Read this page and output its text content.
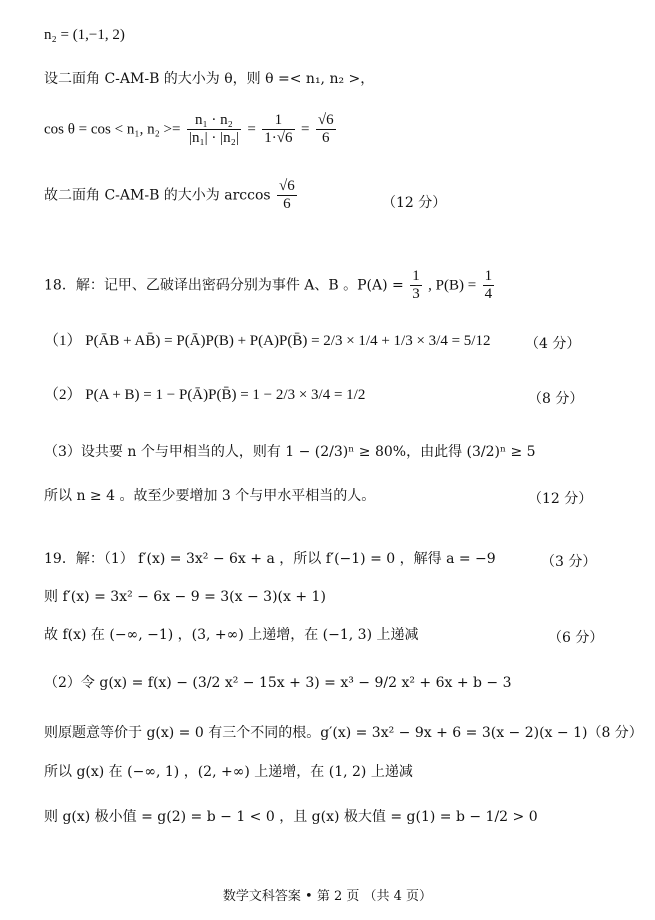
n₂ = (1,−1, 2)
设二面角 C-AM-B 的大小为 θ，则 θ =< n₁, n₂ >，
cos θ = cos < n₁, $n_2 >= \frac{\text{n₁ · n₂}}{\text{|n₁| · |n₂|}} = \frac{1}{1\cdot√6} = \frac{√6}{6}$
故二面角 C-AM-B 的大小为 $\arccos \frac{√6}{6}$	（12 分）
18．解：记甲、乙破译出密码分别为事件 A、B 。$P(A) = \frac{1}{3}$ , $P(B) = \frac{1}{4}$
（1） P(ĀB + AB̄) = P(Ā)P(B) + P(A)P(B̄) = 2/3 × 1/4 + 1/3 × 3/4 = 5/12 （4 分）
（2） P(A + B) = 1 − P(Ā)P(B̄) = 1 − 2/3 × 3/4 = 1/2	（8 分）
（3）设共要 n 个与甲相当的人，则有 1 − (2/3)ⁿ ≥ 80%，由此得 (3/2)ⁿ ≥ 5
所以 n ≥ 4 。故至少要增加 3 个与甲水平相当的人。	（12 分）
19．解：（1） f′(x) = 3x² − 6x + a ，所以 f′(−1) = 0 ，解得 a = −9	（3 分）
则 f′(x) = 3x² − 6x − 9 = 3(x − 3)(x + 1)
故 f(x) 在 (−∞, −1) ，(3, +∞) 上递增，在 (−1, 3) 上递减	（6 分）
（2）令 g(x) = f(x) − (3/2 x² − 15x + 3) = x³ − 9/2 x² + 6x + b − 3
则原题意等价于 g(x) = 0 有三个不同的根。g′(x) = 3x² − 9x + 6 = 3(x − 2)(x − 1)（8 分）
所以 g(x) 在 (−∞, 1) ，(2, +∞) 上递增，在 (1, 2) 上递减
则 g(x) 极小值 = g(2) = b − 1 < 0 ，且 g(x) 极大值 = g(1) = b − 1/2 > 0
数学文科答案 • 第 2 页 （共 4 页）
